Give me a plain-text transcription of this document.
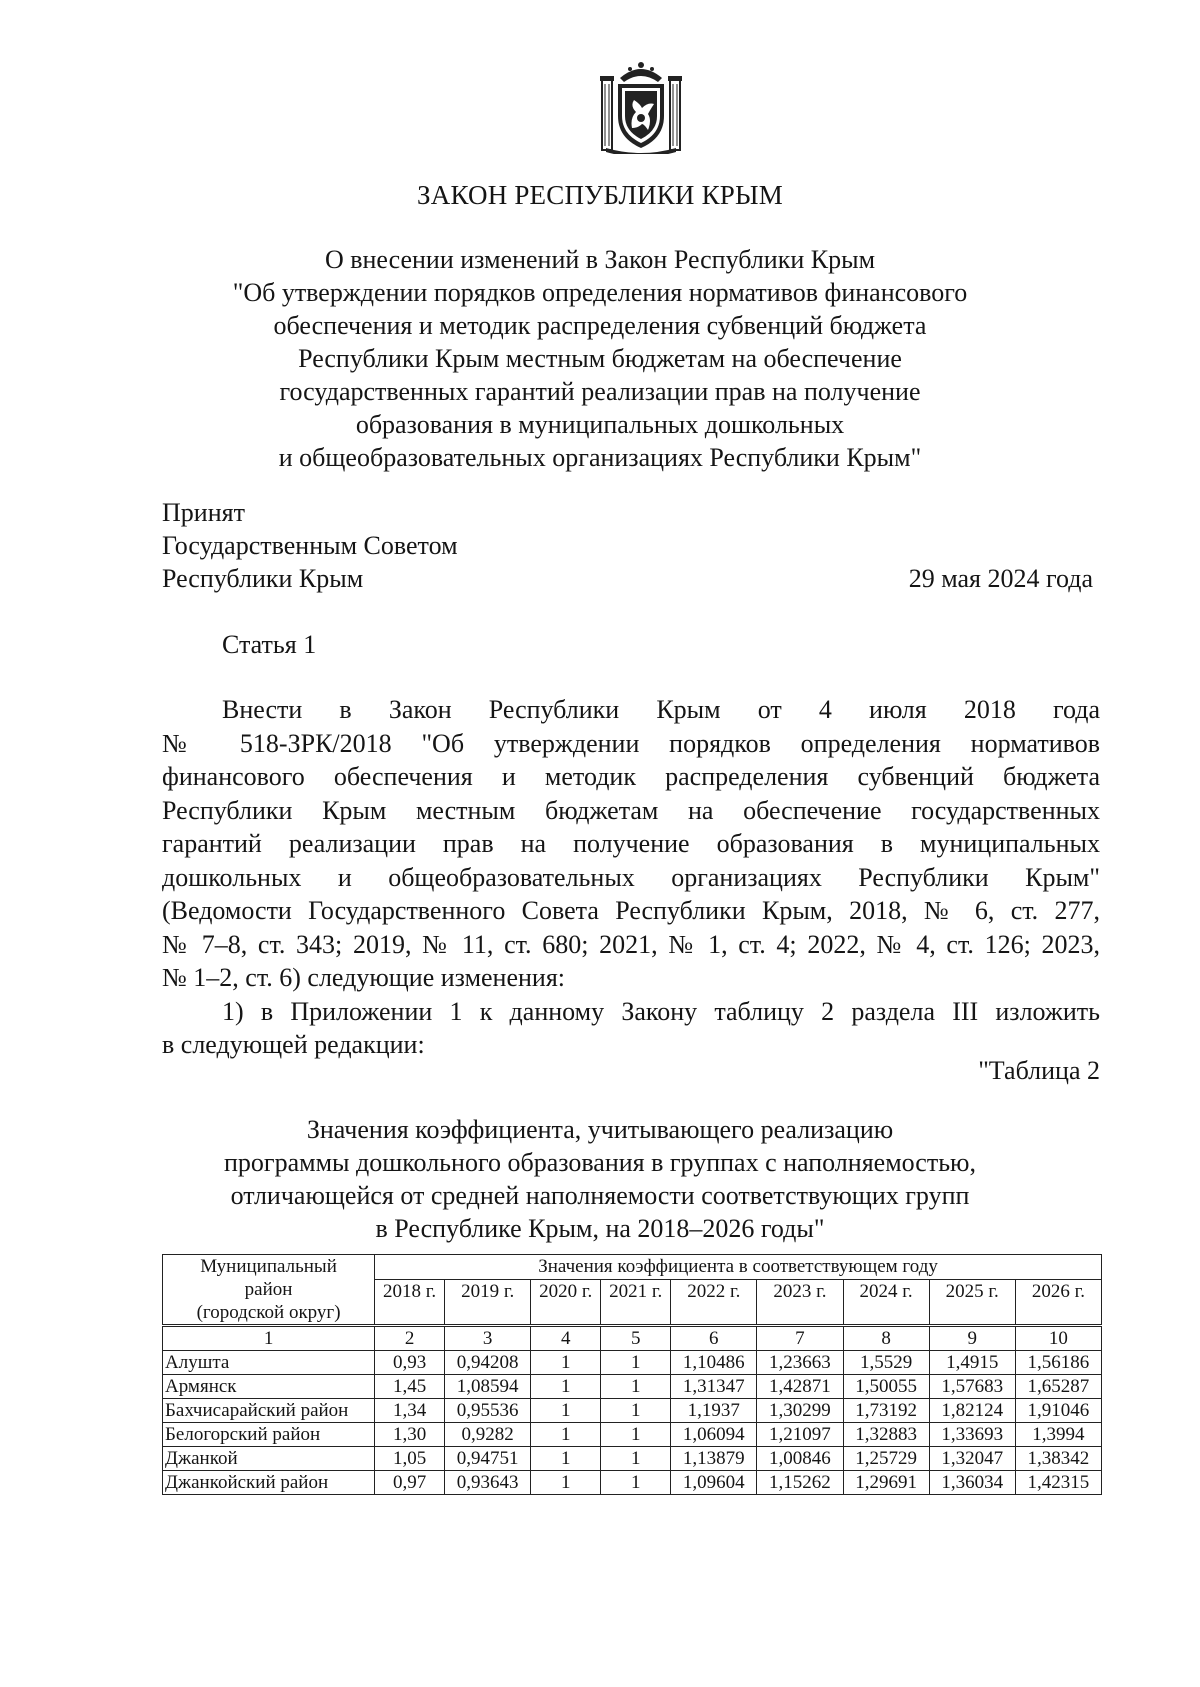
ЗАКОН РЕСПУБЛИКИ КРЫМ
О внесении изменений в Закон Республики Крым
"Об утверждении порядков определения нормативов финансового
обеспечения и методик распределения субвенций бюджета
Республики Крым местным бюджетам на обеспечение
государственных гарантий реализации прав на получение
образования в муниципальных дошкольных
и общеобразовательных организациях Республики Крым"
Принят
Государственным Советом
Республики Крым	29 мая 2024 года
Статья 1

Внести в Закон Республики Крым от 4 июля 2018 года

№ 518-ЗРК/2018 "Об утверждении порядков определения нормативов

финансового обеспечения и методик распределения субвенций бюджета

Республики Крым местным бюджетам на обеспечение государственных

гарантий реализации прав на получение образования в муниципальных

дошкольных и общеобразовательных организациях Республики Крым"

(Ведомости Государственного Совета Республики Крым, 2018, № 6, ст. 277,

№ 7–8, ст. 343; 2019, № 11, ст. 680; 2021, № 1, ст. 4; 2022, № 4, ст. 126; 2023,

№ 1–2, ст. 6) следующие изменения:

1) в Приложении 1 к данному Закону таблицу 2 раздела III изложить

в следующей редакции:

"Таблица 2
Значения коэффициента, учитывающего реализацию
программы дошкольного образования в группах с наполняемостью,
отличающейся от средней наполняемости соответствующих групп
в Республике Крым, на 2018–2026 годы"
Муниципальный
район
(городской округ)	Значения коэффициента в соответствующем году								
	2018 г.	2019 г.	2020 г.	2021 г.	2022 г.	2023 г.	2024 г.	2025 г.	2026 г.
1	2	3	4	5	6	7	8	9	10
Алушта	0,93	0,94208	1	1	1,10486	1,23663	1,5529	1,4915	1,56186
Армянск	1,45	1,08594	1	1	1,31347	1,42871	1,50055	1,57683	1,65287
Бахчисарайский район	1,34	0,95536	1	1	1,1937	1,30299	1,73192	1,82124	1,91046
Белогорский район	1,30	0,9282	1	1	1,06094	1,21097	1,32883	1,33693	1,3994
Джанкой	1,05	0,94751	1	1	1,13879	1,00846	1,25729	1,32047	1,38342
Джанкойский район	0,97	0,93643	1	1	1,09604	1,15262	1,29691	1,36034	1,42315
